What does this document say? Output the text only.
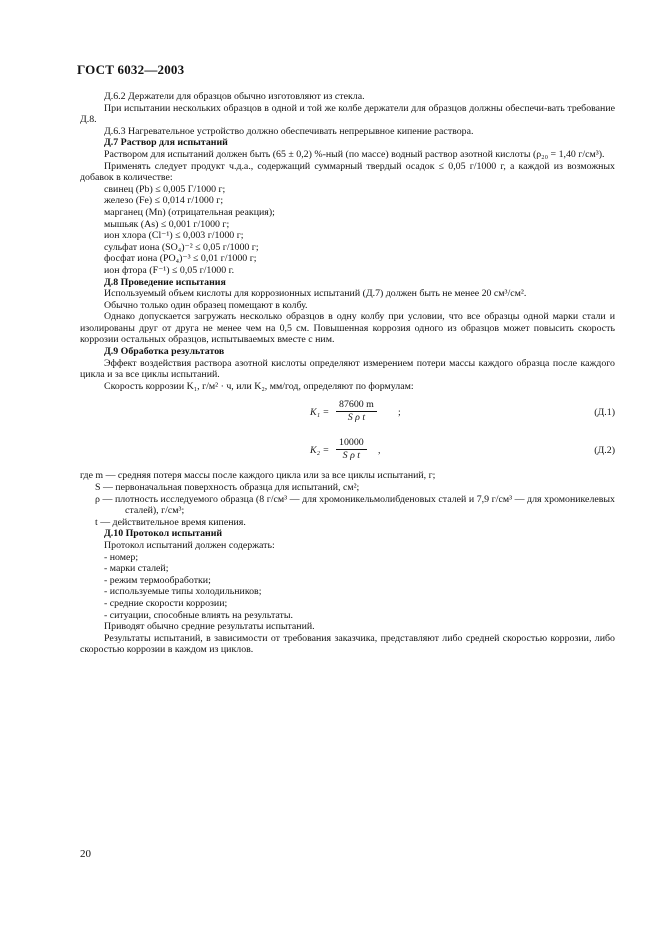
ГОСТ 6032—2003

Д.6.2 Держатели для образцов обычно изготовляют из стекла.

При испытании нескольких образцов в одной и той же колбе держатели для образцов должны обеспечи-вать требование Д.8.

Д.6.3 Нагревательное устройство должно обеспечивать непрерывное кипение раствора.

Д.7 Раствор для испытаний

Раствором для испытаний должен быть (65 ± 0,2) %-ный (по массе) водный раствор азотной кислоты (ρ₂₀ = 1,40 г/см³).

Применять следует продукт ч.д.а., содержащий суммарный твердый осадок ≤ 0,05 г/1000 г, а каждой из возможных добавок в количестве:

свинец (Pb) ≤ 0,005 Г/1000 г;

железо (Fe) ≤ 0,014 г/1000 г;

марганец (Mn) (отрицательная реакция);

мышьяк (As) ≤ 0,001 г/1000 г;

ион хлора (Cl⁻¹) ≤ 0,003 г/1000 г;

сульфат иона (SO₄)⁻² ≤ 0,05 г/1000 г;

фосфат иона (PO₄)⁻³ ≤ 0,01 г/1000 г;

ион фтора (F⁻¹) ≤ 0,05 г/1000 г.

Д.8 Проведение испытания

Используемый объем кислоты для коррозионных испытаний (Д.7) должен быть не менее 20 см³/см².

Обычно только один образец помещают в колбу.

Однако допускается загружать несколько образцов в одну колбу при условии, что все образцы одной марки стали и изолированы друг от друга не менее чем на 0,5 см. Повышенная коррозия одного из образцов может повысить скорость коррозии остальных образцов, испытываемых вместе с ним.

Д.9 Обработка результатов

Эффект воздействия раствора азотной кислоты определяют измерением потери массы каждого образца после каждого цикла и за все циклы испытаний.

Скорость коррозии K₁, г/м² · ч, или K₂, мм/год, определяют по формулам:

$K_1 = \frac{87600 m}{\text{S ρ t}}$ ;	(Д.1)
$K_2 = \frac{10000}{\text{S ρ t}}$ ,	(Д.2)

где m — средняя потеря массы после каждого цикла или за все циклы испытаний, г;

S — первоначальная поверхность образца для испытаний, см²;

ρ — плотность исследуемого образца (8 г/см³ — для хромоникельмолибденовых сталей и 7,9 г/см³ — для хромоникелевых сталей), г/см³;

t — действительное время кипения.

Д.10 Протокол испытаний

Протокол испытаний должен содержать:

- номер;

- марки сталей;

- режим термообработки;

- используемые типы холодильников;

- средние скорости коррозии;

- ситуации, способные влиять на результаты.

Приводят обычно средние результаты испытаний.

Результаты испытаний, в зависимости от требования заказчика, представляют либо средней скоростью коррозии, либо скоростью коррозии в каждом из циклов.

20
